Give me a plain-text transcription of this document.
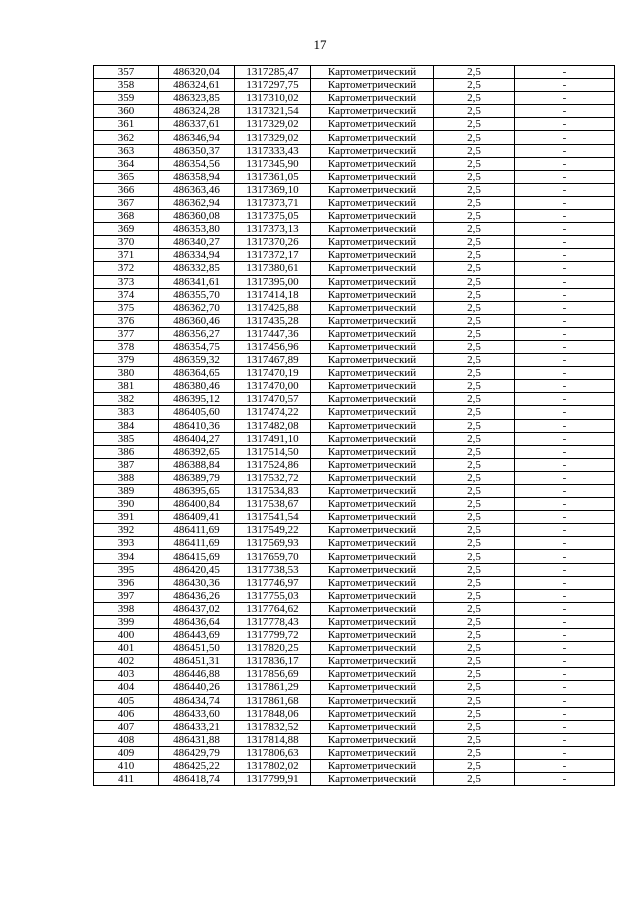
17
357	486320,04	1317285,47	Картометрический	2,5	-
358	486324,61	1317297,75	Картометрический	2,5	-
359	486323,85	1317310,02	Картометрический	2,5	-
360	486324,28	1317321,54	Картометрический	2,5	-
361	486337,61	1317329,02	Картометрический	2,5	-
362	486346,94	1317329,02	Картометрический	2,5	-
363	486350,37	1317333,43	Картометрический	2,5	-
364	486354,56	1317345,90	Картометрический	2,5	-
365	486358,94	1317361,05	Картометрический	2,5	-
366	486363,46	1317369,10	Картометрический	2,5	-
367	486362,94	1317373,71	Картометрический	2,5	-
368	486360,08	1317375,05	Картометрический	2,5	-
369	486353,80	1317373,13	Картометрический	2,5	-
370	486340,27	1317370,26	Картометрический	2,5	-
371	486334,94	1317372,17	Картометрический	2,5	-
372	486332,85	1317380,61	Картометрический	2,5	-
373	486341,61	1317395,00	Картометрический	2,5	-
374	486355,70	1317414,18	Картометрический	2,5	-
375	486362,70	1317425,88	Картометрический	2,5	-
376	486360,46	1317435,28	Картометрический	2,5	-
377	486356,27	1317447,36	Картометрический	2,5	-
378	486354,75	1317456,96	Картометрический	2,5	-
379	486359,32	1317467,89	Картометрический	2,5	-
380	486364,65	1317470,19	Картометрический	2,5	-
381	486380,46	1317470,00	Картометрический	2,5	-
382	486395,12	1317470,57	Картометрический	2,5	-
383	486405,60	1317474,22	Картометрический	2,5	-
384	486410,36	1317482,08	Картометрический	2,5	-
385	486404,27	1317491,10	Картометрический	2,5	-
386	486392,65	1317514,50	Картометрический	2,5	-
387	486388,84	1317524,86	Картометрический	2,5	-
388	486389,79	1317532,72	Картометрический	2,5	-
389	486395,65	1317534,83	Картометрический	2,5	-
390	486400,84	1317538,67	Картометрический	2,5	-
391	486409,41	1317541,54	Картометрический	2,5	-
392	486411,69	1317549,22	Картометрический	2,5	-
393	486411,69	1317569,93	Картометрический	2,5	-
394	486415,69	1317659,70	Картометрический	2,5	-
395	486420,45	1317738,53	Картометрический	2,5	-
396	486430,36	1317746,97	Картометрический	2,5	-
397	486436,26	1317755,03	Картометрический	2,5	-
398	486437,02	1317764,62	Картометрический	2,5	-
399	486436,64	1317778,43	Картометрический	2,5	-
400	486443,69	1317799,72	Картометрический	2,5	-
401	486451,50	1317820,25	Картометрический	2,5	-
402	486451,31	1317836,17	Картометрический	2,5	-
403	486446,88	1317856,69	Картометрический	2,5	-
404	486440,26	1317861,29	Картометрический	2,5	-
405	486434,74	1317861,68	Картометрический	2,5	-
406	486433,60	1317848,06	Картометрический	2,5	-
407	486433,21	1317832,52	Картометрический	2,5	-
408	486431,88	1317814,88	Картометрический	2,5	-
409	486429,79	1317806,63	Картометрический	2,5	-
410	486425,22	1317802,02	Картометрический	2,5	-
411	486418,74	1317799,91	Картометрический	2,5	-
